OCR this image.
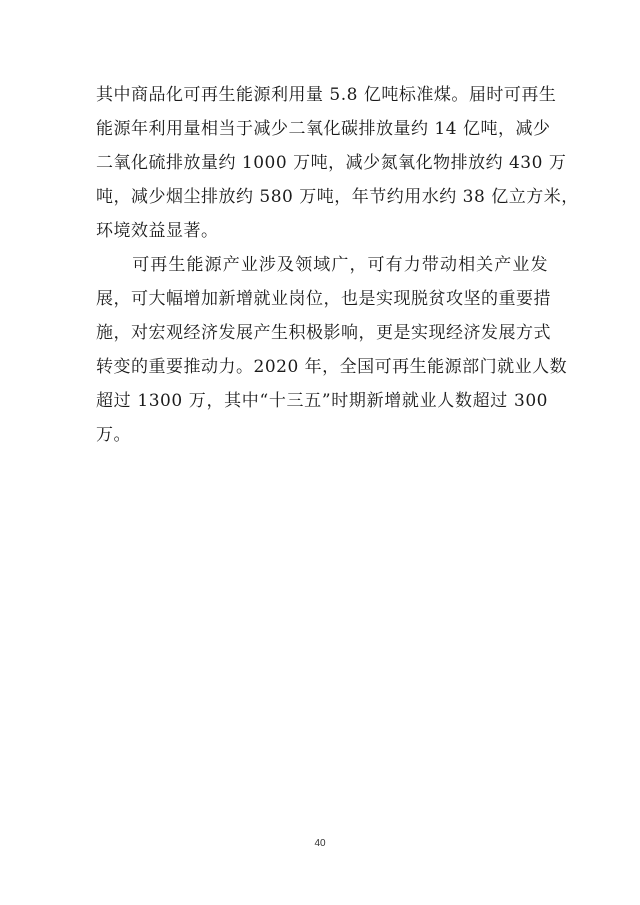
其中商品化可再生能源利用量 5.8 亿吨标准煤。届时可再生
能源年利用量相当于减少二氧化碳排放量约 14 亿吨，减少
二氧化硫排放量约 1000 万吨，减少氮氧化物排放约 430 万
吨，减少烟尘排放约 580 万吨，年节约用水约 38 亿立方米，
环境效益显著。
　　可再生能源产业涉及领域广，可有力带动相关产业发
展，可大幅增加新增就业岗位，也是实现脱贫攻坚的重要措
施，对宏观经济发展产生积极影响，更是实现经济发展方式
转变的重要推动力。2020 年，全国可再生能源部门就业人数
超过 1300 万，其中“十三五”时期新增就业人数超过 300
万。
40
